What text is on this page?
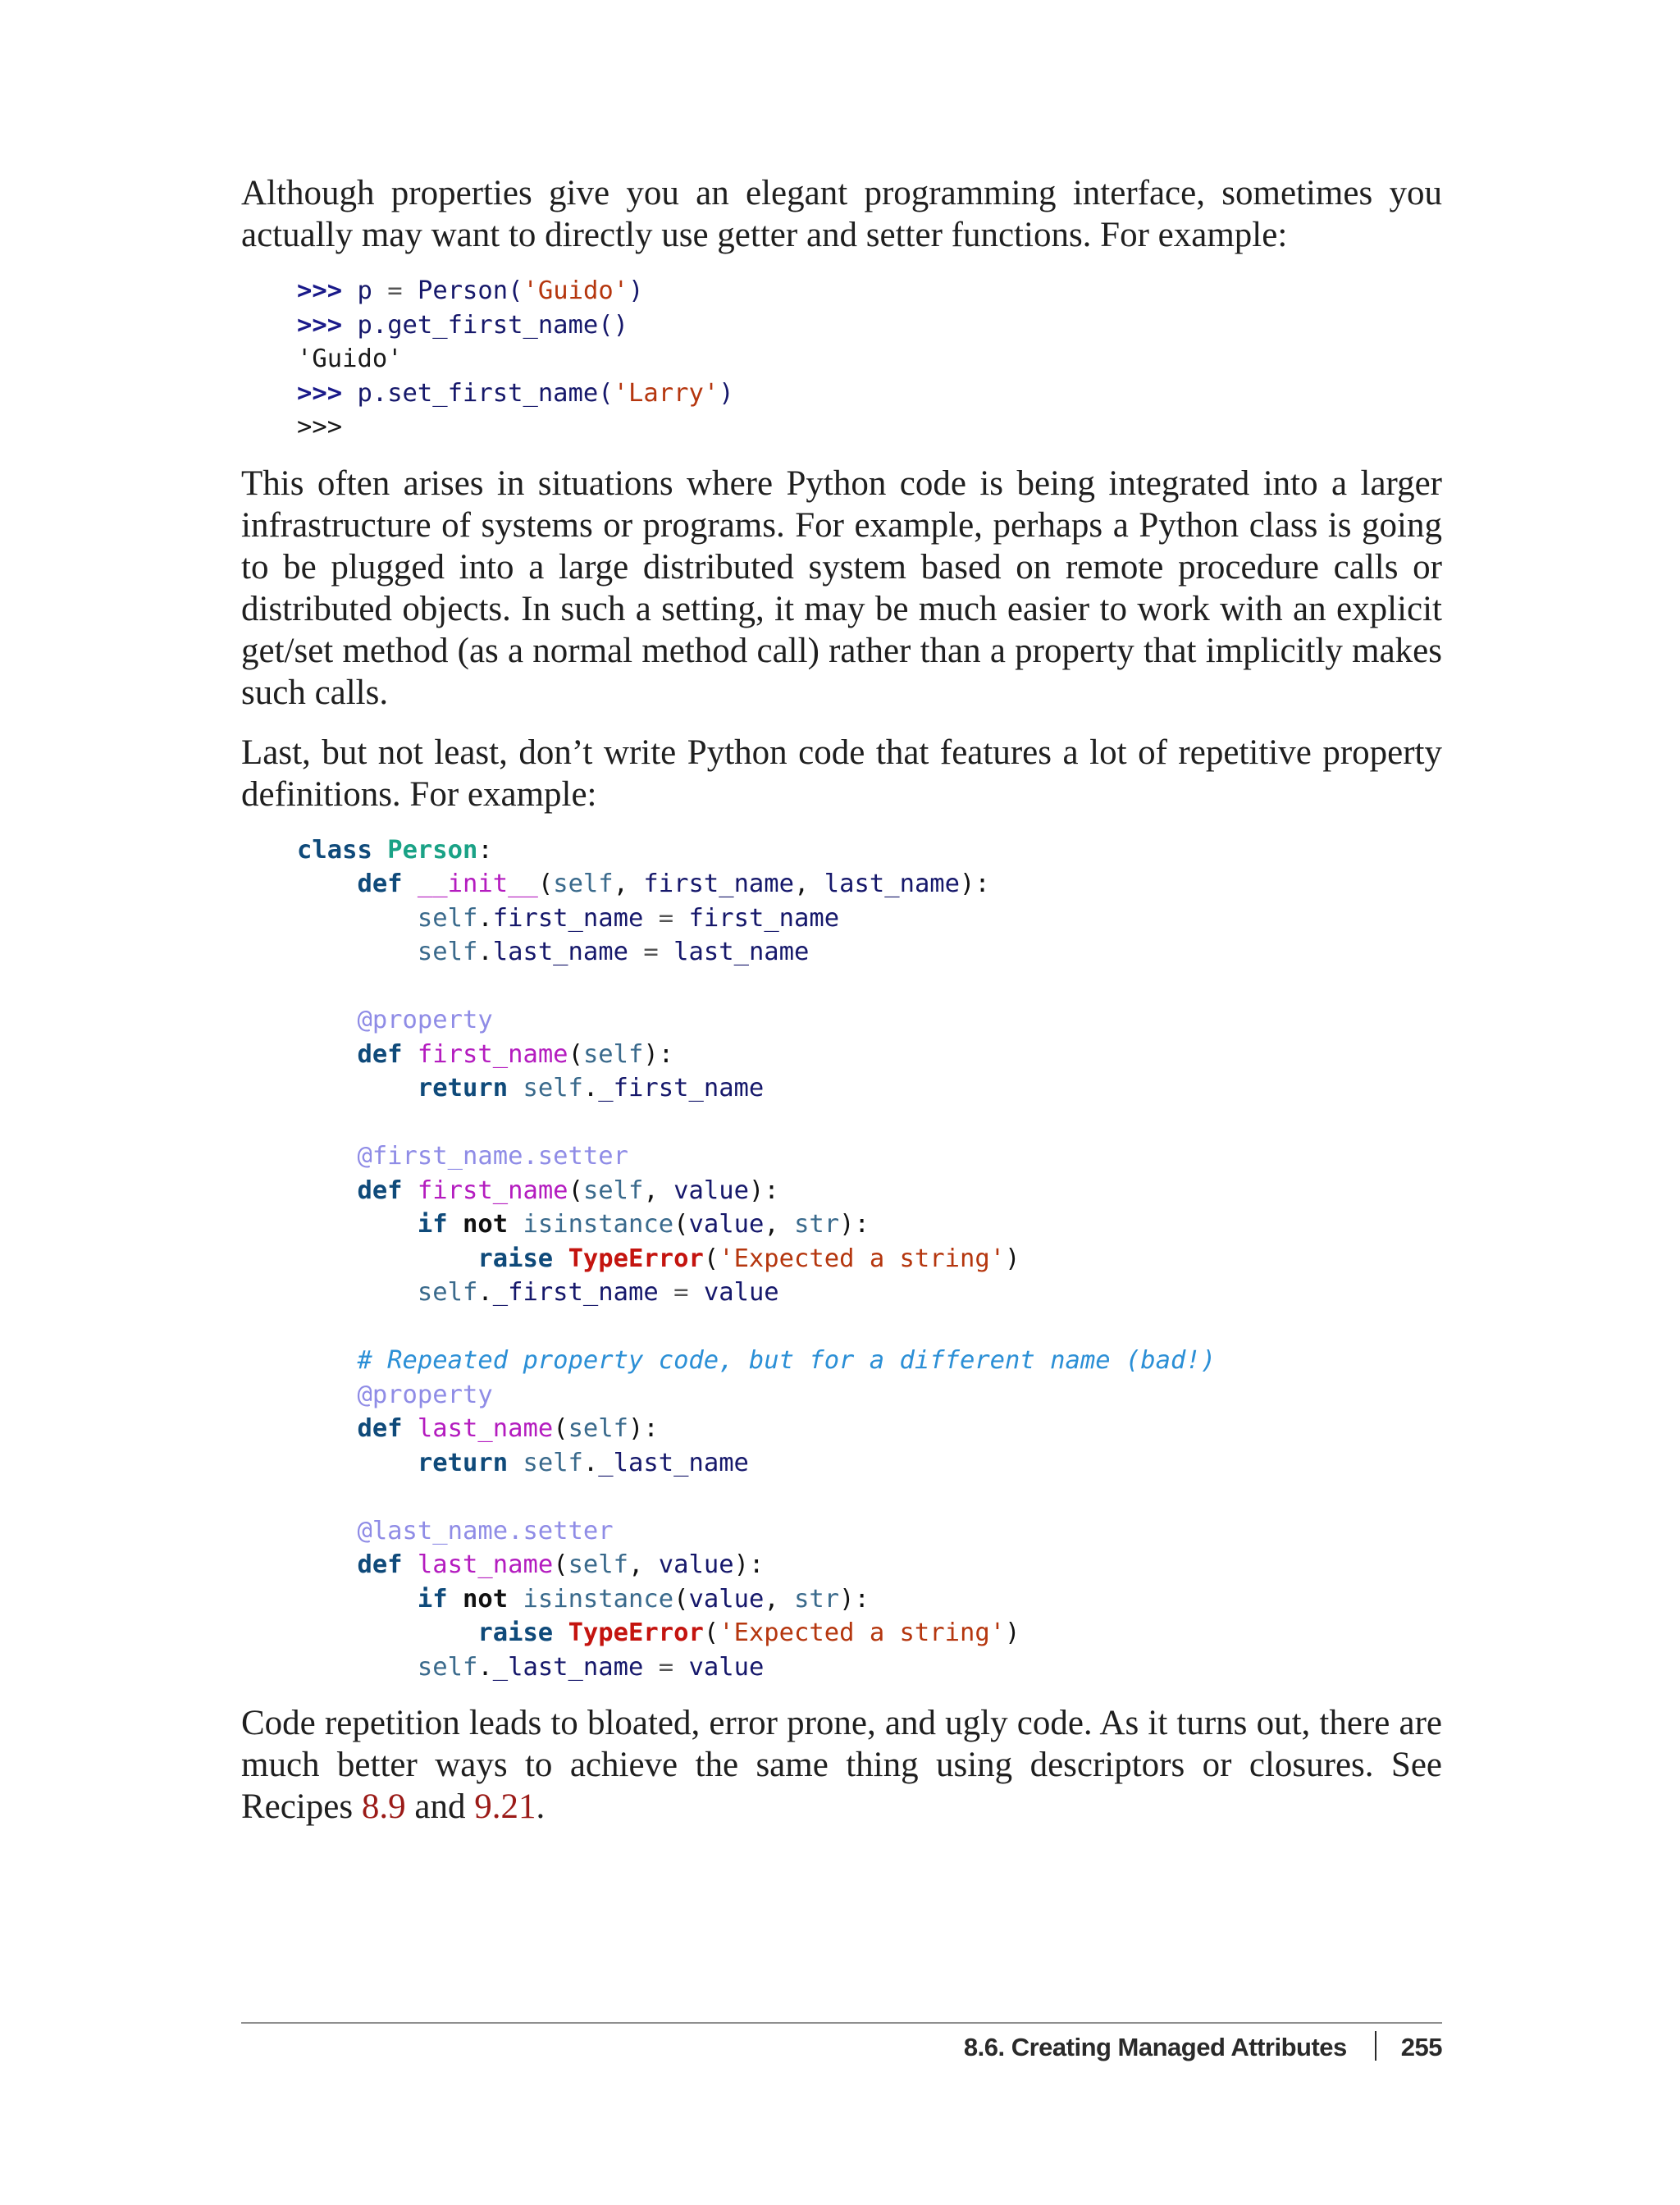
Although properties give you an elegant programming interface, sometimes you actually may want to directly use getter and setter functions. For example:

>>> p = Person('Guido')
>>> p.get_first_name()
'Guido'
>>> p.set_first_name('Larry')
>>>

This often arises in situations where Python code is being integrated into a larger infrastructure of systems or programs. For example, perhaps a Python class is going to be plugged into a large distributed system based on remote procedure calls or distributed objects. In such a setting, it may be much easier to work with an explicit get/set method (as a normal method call) rather than a property that implicitly makes such calls.

Last, but not least, don’t write Python code that features a lot of repetitive property definitions. For example:

class Person:
def __init__(self, first_name, last_name):
self.first_name = first_name
self.last_name = last_name

@property
def first_name(self):
return self._first_name

@first_name.setter
def first_name(self, value):
if not isinstance(value, str):
raise TypeError('Expected a string')
self._first_name = value

# Repeated property code, but for a different name (bad!)
@property
def last_name(self):
return self._last_name

@last_name.setter
def last_name(self, value):
if not isinstance(value, str):
raise TypeError('Expected a string')
self._last_name = value

Code repetition leads to bloated, error prone, and ugly code. As it turns out, there are much better ways to achieve the same thing using descriptors or closures. See Recipes 8.9 and 9.21.

8.6. Creating Managed Attributes 255
